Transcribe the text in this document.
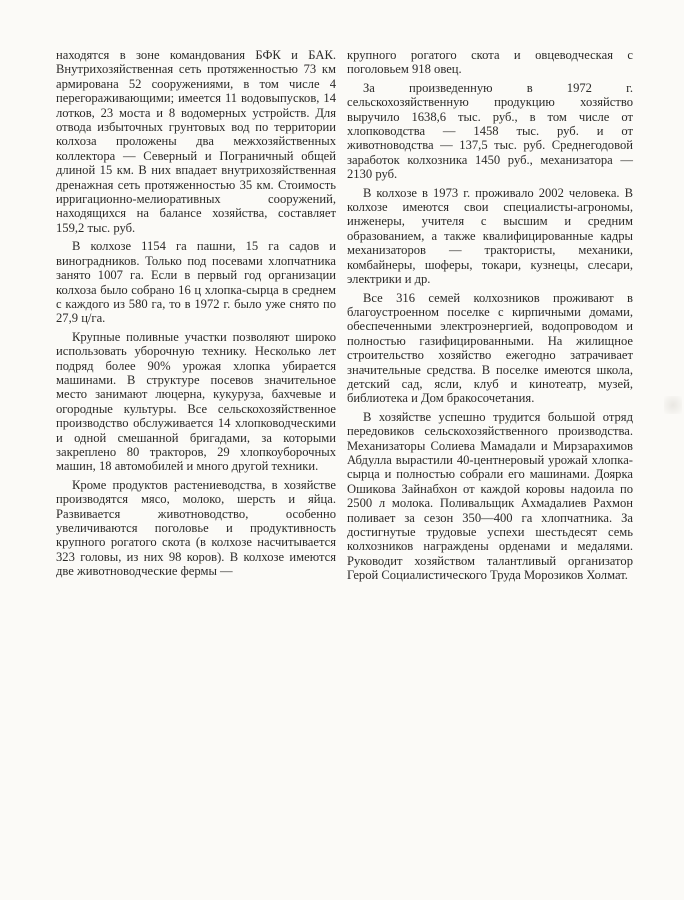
находятся в зоне командования БФК и БАК. Внутрихозяйственная сеть протяженностью 73 км армирована 52 сооружениями, в том числе 4 перегораживающими; имеется 11 водовыпусков, 14 лотков, 23 моста и 8 водомерных устройств. Для отвода избыточных грунтовых вод по территории колхоза проложены два межхозяйственных коллектора — Северный и Пограничный общей длиной 15 км. В них впадает внутрихозяйственная дренажная сеть протяженностью 35 км. Стоимость ирригационно-мелиоративных сооружений, находящихся на балансе хозяйства, составляет 159,2 тыс. руб.

В колхозе 1154 га пашни, 15 га садов и виноградников. Только под посевами хлопчатника занято 1007 га. Если в первый год организации колхоза было собрано 16 ц хлопка-сырца в среднем с каждого из 580 га, то в 1972 г. было уже снято по 27,9 ц/га.

Крупные поливные участки позволяют широко использовать уборочную технику. Несколько лет подряд более 90% урожая хлопка убирается машинами. В структуре посевов значительное место занимают люцерна, кукуруза, бахчевые и огородные культуры. Все сельскохозяйственное производство обслуживается 14 хлопководческими и одной смешанной бригадами, за которыми закреплено 80 тракторов, 29 хлопкоуборочных машин, 18 автомобилей и много другой техники.

Кроме продуктов растениеводства, в хозяйстве производятся мясо, молоко, шерсть и яйца. Развивается животноводство, особенно увеличиваются поголовье и продуктивность крупного рогатого скота (в колхозе насчитывается 323 головы, из них 98 коров). В колхозе имеются две животноводческие фермы —

крупного рогатого скота и овцеводческая с поголовьем 918 овец.

За произведенную в 1972 г. сельскохозяйственную продукцию хозяйство выручило 1638,6 тыс. руб., в том числе от хлопководства — 1458 тыс. руб. и от животноводства — 137,5 тыс. руб. Среднегодовой заработок колхозника 1450 руб., механизатора — 2130 руб.

В колхозе в 1973 г. проживало 2002 человека. В колхозе имеются свои специалисты-агрономы, инженеры, учителя с высшим и средним образованием, а также квалифицированные кадры механизаторов — трактористы, механики, комбайнеры, шоферы, токари, кузнецы, слесари, электрики и др.

Все 316 семей колхозников проживают в благоустроенном поселке с кирпичными домами, обеспеченными электроэнергией, водопроводом и полностью газифицированными. На жилищное строительство хозяйство ежегодно затрачивает значительные средства. В поселке имеются школа, детский сад, ясли, клуб и кинотеатр, музей, библиотека и Дом бракосочетания.

В хозяйстве успешно трудится большой отряд передовиков сельскохозяйственного производства. Механизаторы Солиева Мамадали и Мирзарахимов Абдулла вырастили 40-центнеровый урожай хлопка-сырца и полностью собрали его машинами. Доярка Ошикова Зайнабхон от каждой коровы надоила по 2500 л молока. Поливальщик Ахмадалиев Рахмон поливает за сезон 350—400 га хлопчатника. За достигнутые трудовые успехи шестьдесят семь колхозников награждены орденами и медалями. Руководит хозяйством талантливый организатор Герой Социалистического Труда Морозиков Холмат.
